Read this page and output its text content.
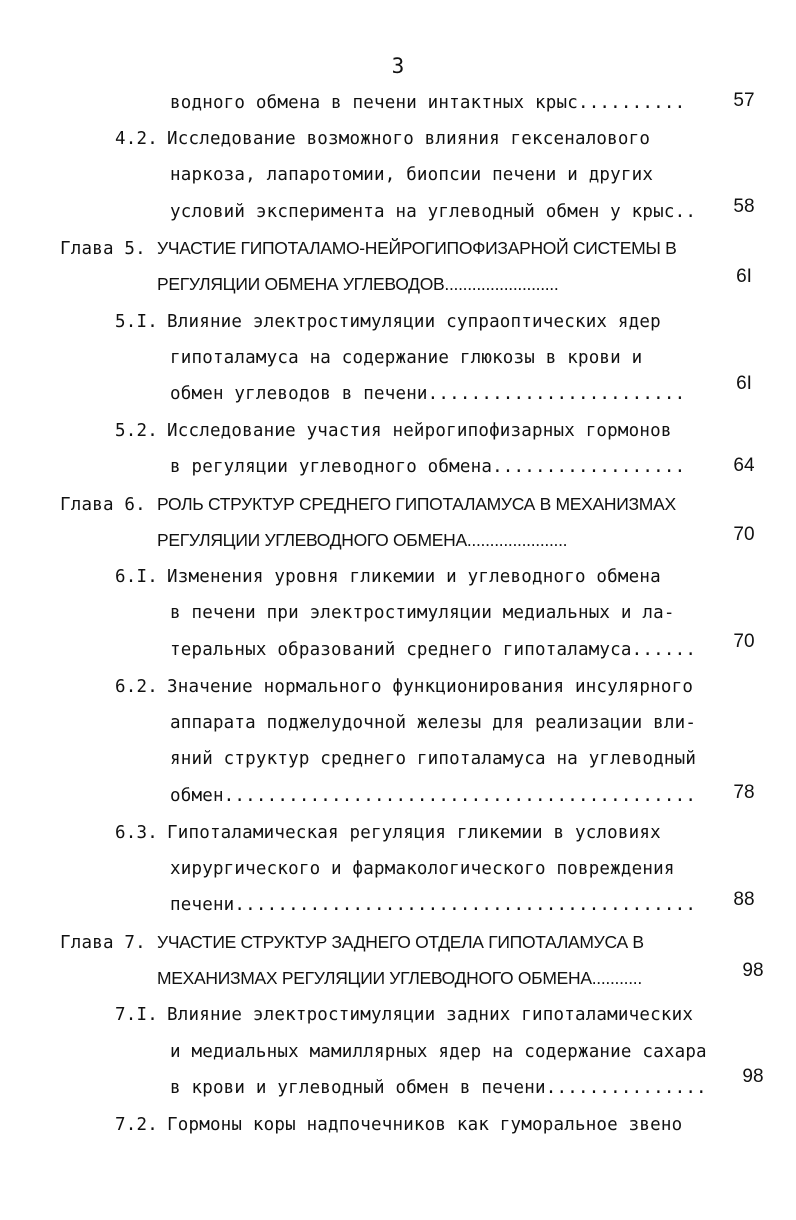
3
водного обмена в печени интактных крыс..........
4.2. Исследование возможного влияния гексеналового
наркоза, лапаротомии, биопсии печени и других
условий эксперимента на углеводный обмен у крыс..
Глава 5. УЧАСТИЕ ГИПОТАЛАМО-НЕЙРОГИПОФИЗАРНОЙ СИСТЕМЫ В
РЕГУЛЯЦИИ ОБМЕНА УГЛЕВОДОВ.........................
5.I. Влияние электростимуляции супраоптических ядер
гипоталамуса на содержание глюкозы в крови и
обмен углеводов в печени........................
5.2. Исследование участия нейрогипофизарных гормонов
в регуляции углеводного обмена..................
Глава 6. РОЛЬ СТРУКТУР СРЕДНЕГО ГИПОТАЛАМУСА В МЕХАНИЗМАХ
РЕГУЛЯЦИИ УГЛЕВОДНОГО ОБМЕНА......................
6.I. Изменения уровня гликемии и углеводного обмена
в печени при электростимуляции медиальных и ла-
теральных образований среднего гипоталамуса......
6.2. Значение нормального функционирования инсулярного
аппарата поджелудочной железы для реализации вли-
яний структур среднего гипоталамуса на углеводный
обмен............................................
6.3. Гипоталамическая регуляция гликемии в условиях
хирургического и фармакологического повреждения
печени...........................................
Глава 7. УЧАСТИЕ СТРУКТУР ЗАДНЕГО ОТДЕЛА ГИПОТАЛАМУСА В
МЕХАНИЗМАХ РЕГУЛЯЦИИ УГЛЕВОДНОГО ОБМЕНА...........
7.I. Влияние электростимуляции задних гипоталамических
и медиальных мамиллярных ядер на содержание сахара
в крови и углеводный обмен в печени...............
7.2. Гормоны коры надпочечников как гуморальное звено
57
58
6I
6I
64
70
70
78
88
98
98
